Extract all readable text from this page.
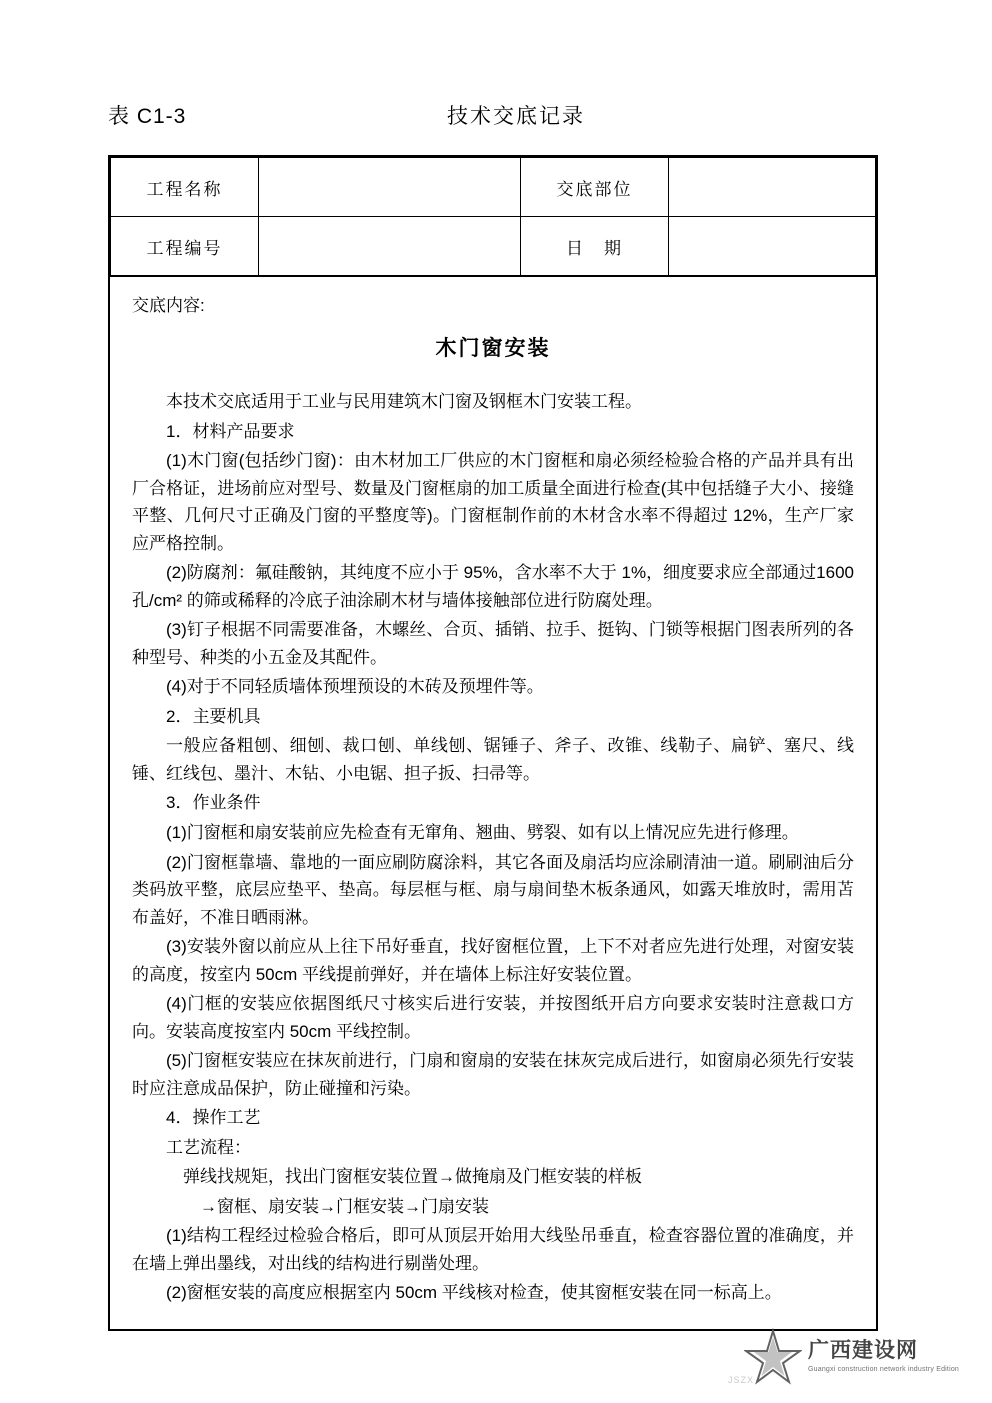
表 C1-3	技术交底记录
工程名称		交底部位	
工程编号		日　期	
交底内容:
木门窗安装

本技术交底适用于工业与民用建筑木门窗及钢框木门安装工程。

1．材料产品要求

(1)木门窗(包括纱门窗)：由木材加工厂供应的木门窗框和扇必须经检验合格的产品并具有出厂合格证，进场前应对型号、数量及门窗框扇的加工质量全面进行检查(其中包括缝子大小、接缝平整、几何尺寸正确及门窗的平整度等)。门窗框制作前的木材含水率不得超过 12%，生产厂家应严格控制。

(2)防腐剂：氟硅酸钠，其纯度不应小于 95%，含水率不大于 1%，细度要求应全部通过1600 孔/cm² 的筛或稀释的冷底子油涂刷木材与墙体接触部位进行防腐处理。

(3)钉子根据不同需要准备，木螺丝、合页、插销、拉手、挺钩、门锁等根据门图表所列的各种型号、种类的小五金及其配件。

(4)对于不同轻质墙体预埋预设的木砖及预埋件等。

2．主要机具

一般应备粗刨、细刨、裁口刨、单线刨、锯锤子、斧子、改锥、线勒子、扁铲、塞尺、线锤、红线包、墨汁、木钻、小电锯、担子扳、扫帚等。

3．作业条件

(1)门窗框和扇安装前应先检查有无窜角、翘曲、劈裂、如有以上情况应先进行修理。

(2)门窗框靠墙、靠地的一面应刷防腐涂料，其它各面及扇活均应涂刷清油一道。刷刷油后分类码放平整，底层应垫平、垫高。每层框与框、扇与扇间垫木板条通风，如露天堆放时，需用苫布盖好，不准日晒雨淋。

(3)安装外窗以前应从上往下吊好垂直，找好窗框位置，上下不对者应先进行处理，对窗安装的高度，按室内 50cm 平线提前弹好，并在墙体上标注好安装位置。

(4)门框的安装应依据图纸尺寸核实后进行安装，并按图纸开启方向要求安装时注意裁口方向。安装高度按室内 50cm 平线控制。

(5)门窗框安装应在抹灰前进行，门扇和窗扇的安装在抹灰完成后进行，如窗扇必须先行安装时应注意成品保护，防止碰撞和污染。

4．操作工艺

工艺流程：

弹线找规矩，找出门窗框安装位置→做掩扇及门框安装的样板

→窗框、扇安装→门框安装→门扇安装

(1)结构工程经过检验合格后，即可从顶层开始用大线坠吊垂直，检查容器位置的准确度，并在墙上弹出墨线，对出线的结构进行剔凿处理。

(2)窗框安装的高度应根据室内 50cm 平线核对检查，使其窗框安装在同一标高上。

JSZX
广西建设网
Guangxi construction network industry Edition
